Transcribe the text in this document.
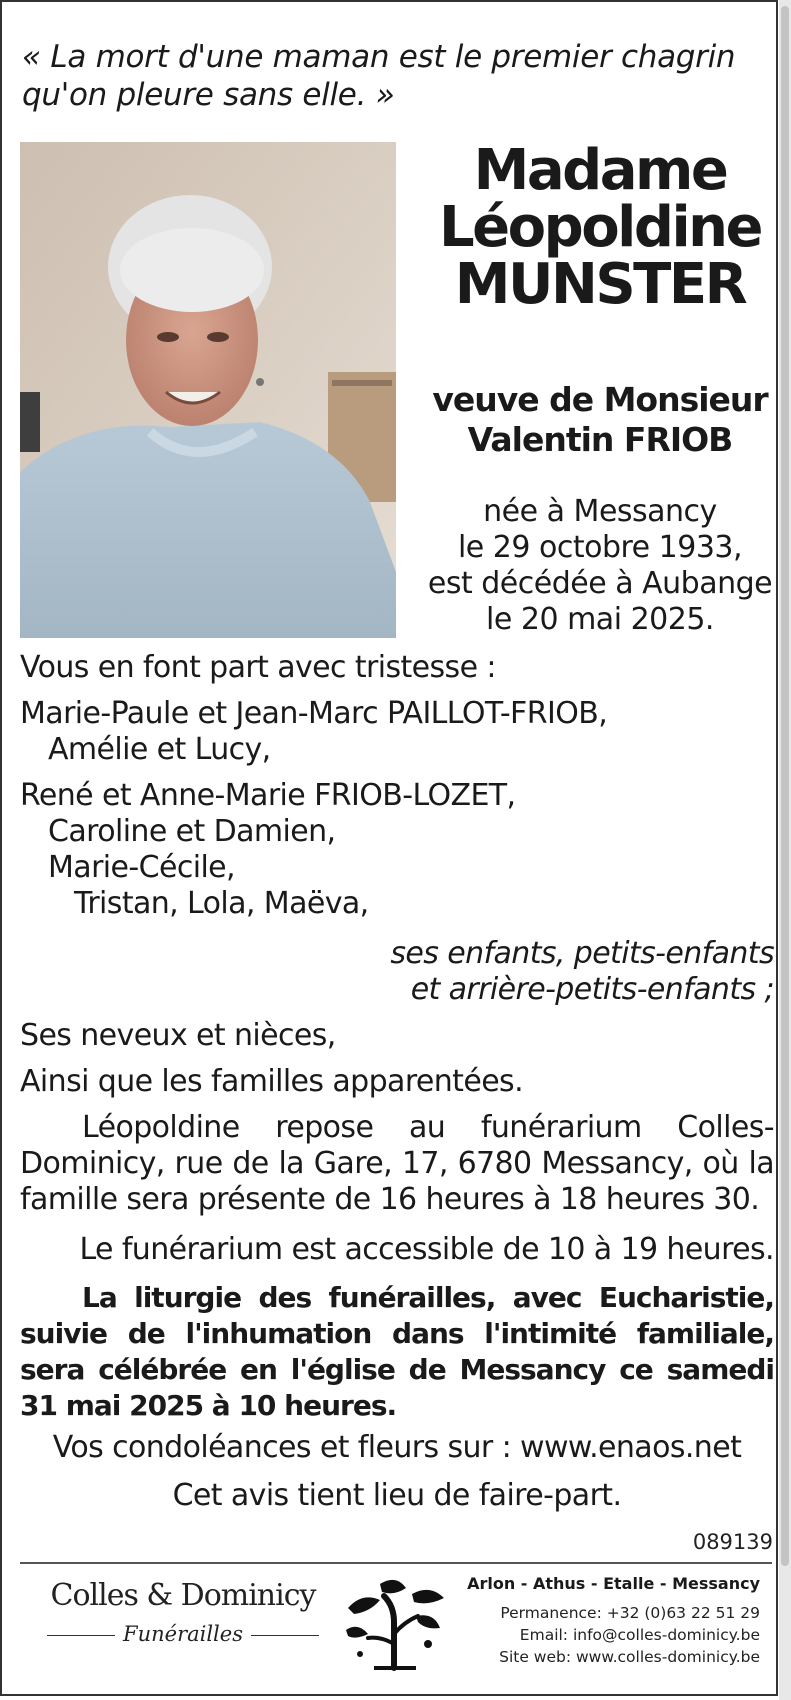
« La mort d'une maman est le premier chagrin
qu'on pleure sans elle. »
Madame
Léopoldine
MUNSTER
veuve de Monsieur
Valentin FRIOB
née à Messancy
le 29 octobre 1933,
est décédée à Aubange
le 20 mai 2025.
Vous en font part avec tristesse :
Marie-Paule et Jean-Marc PAILLOT-FRIOB,
Amélie et Lucy,
René et Anne-Marie FRIOB-LOZET,
Caroline et Damien,
Marie-Cécile,
Tristan, Lola, Maëva,
ses enfants, petits-enfants
et arrière-petits-enfants ;
Ses neveux et nièces,
Ainsi que les familles apparentées.
Léopoldine repose au funérarium Colles-Dominicy, rue de la Gare, 17, 6780 Messancy, où la famille sera présente de 16 heures à 18 heures 30.
Le funérarium est accessible de 10 à 19 heures.
La liturgie des funérailles, avec Eucharistie, suivie de l'inhumation dans l'intimité familiale, sera célébrée en l'église de Messancy ce samedi 31 mai 2025 à 10 heures.
Vos condoléances et fleurs sur : www.enaos.net
Cet avis tient lieu de faire-part.
089139
Colles & Dominicy
Funérailles
Arlon - Athus - Etalle - Messancy
Permanence: +32 (0)63 22 51 29
Email: info@colles-dominicy.be
Site web: www.colles-dominicy.be
